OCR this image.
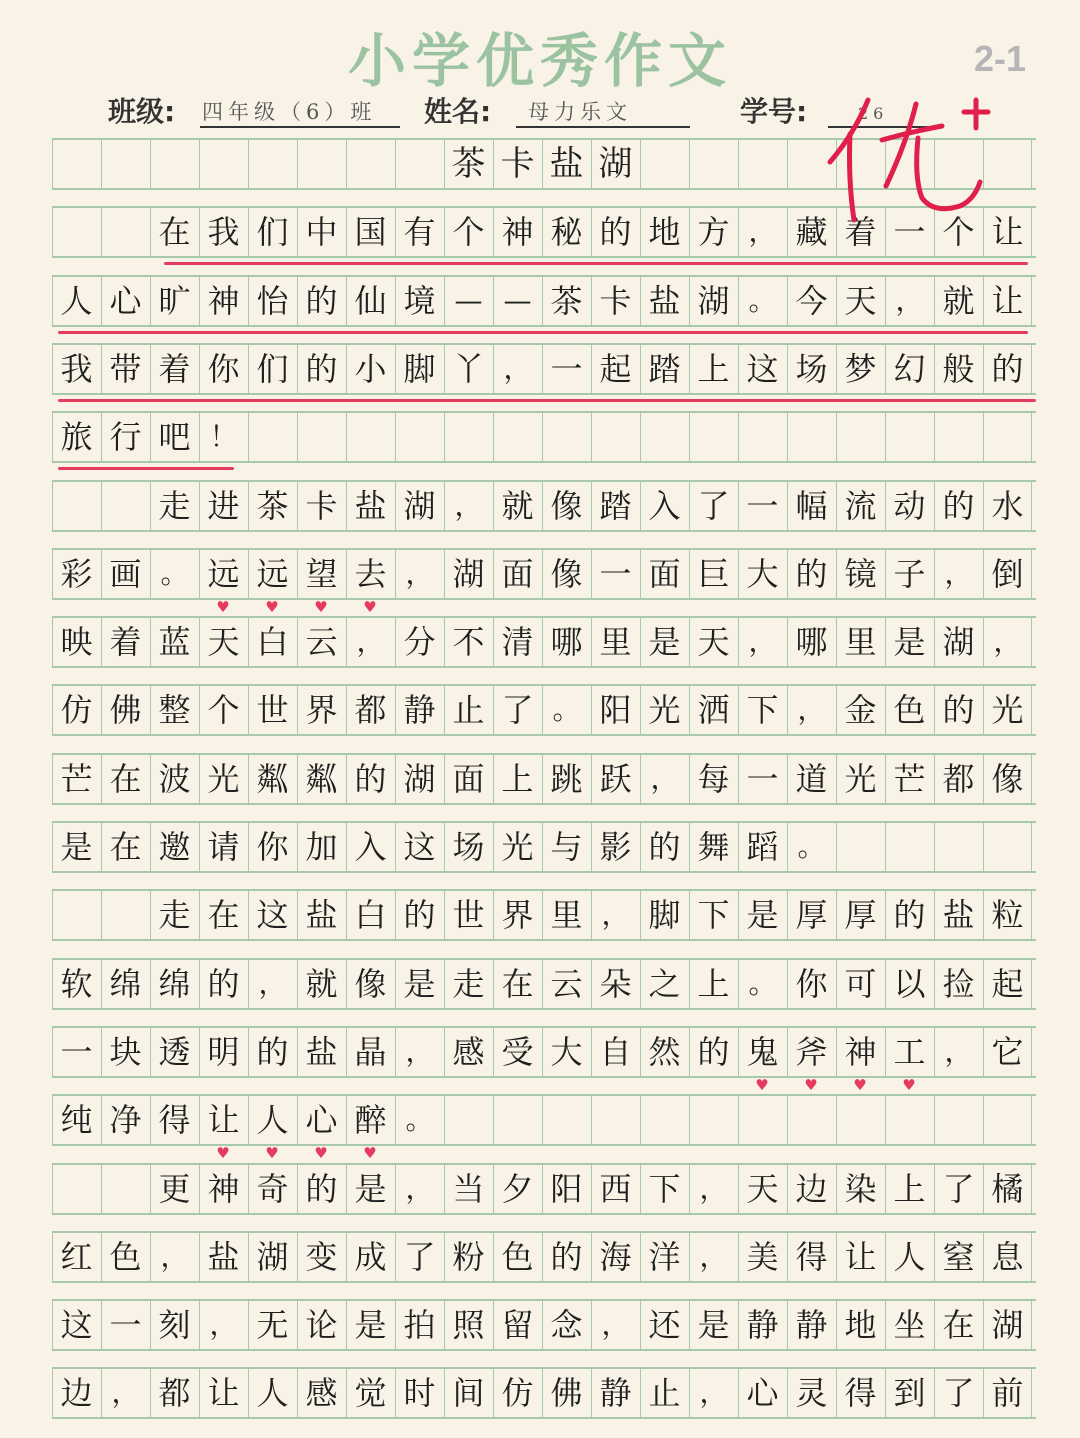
小学优秀作文	2-1
班级: 四年级（6）班 姓名: 母力乐文	学号:	26
茶 卡 盐 湖
在 我 们 中 国 有 个 神 秘 的 地 方 ， 藏 着 一 个 让
人 心 旷 神 怡 的 仙 境 — — 茶 卡 盐 湖 。 今 天 ， 就 让
我 带 着 你 们 的 小 脚 丫 ， 一 起 踏 上 这 场 梦 幻 般 的
旅 行 吧 ！
走 进 茶 卡 盐 湖 ， 就 像 踏 入 了 一 幅 流 动 的 水
彩 画 。 远 远 望 去 ， 湖 面 像 一 面 巨 大 的 镜 子 ， 倒
映 着 蓝 天 白 云 ， 分 不 清 哪 里 是 天 ， 哪 里 是 湖 ，
仿 佛 整 个 世 界 都 静 止 了 。 阳 光 洒 下 ， 金 色 的 光
芒 在 波 光 粼 粼 的 湖 面 上 跳 跃 ， 每 一 道 光 芒 都 像
是 在 邀 请 你 加 入 这 场 光 与 影 的 舞 蹈 。
走 在 这 盐 白 的 世 界 里 ， 脚 下 是 厚 厚 的 盐 粒
软 绵 绵 的 ， 就 像 是 走 在 云 朵 之 上 。 你 可 以 捡 起
一 块 透 明 的 盐 晶 ， 感 受 大 自 然 的 鬼 斧 神 工 ， 它
纯 净 得 让 人 心 醉 。
更 神 奇 的 是 ， 当 夕 阳 西 下 ， 天 边 染 上 了 橘
红 色 ， 盐 湖 变 成 了 粉 色 的 海 洋 ， 美 得 让 人 窒 息
这 一 刻 ， 无 论 是 拍 照 留 念 ， 还 是 静 静 地 坐 在 湖
边 ， 都 让 人 感 觉 时 间 仿 佛 静 止 ， 心 灵 得 到 了 前
♥ ♥ ♥ ♥
♥ ♥ ♥ ♥
♥ ♥ ♥ ♥
